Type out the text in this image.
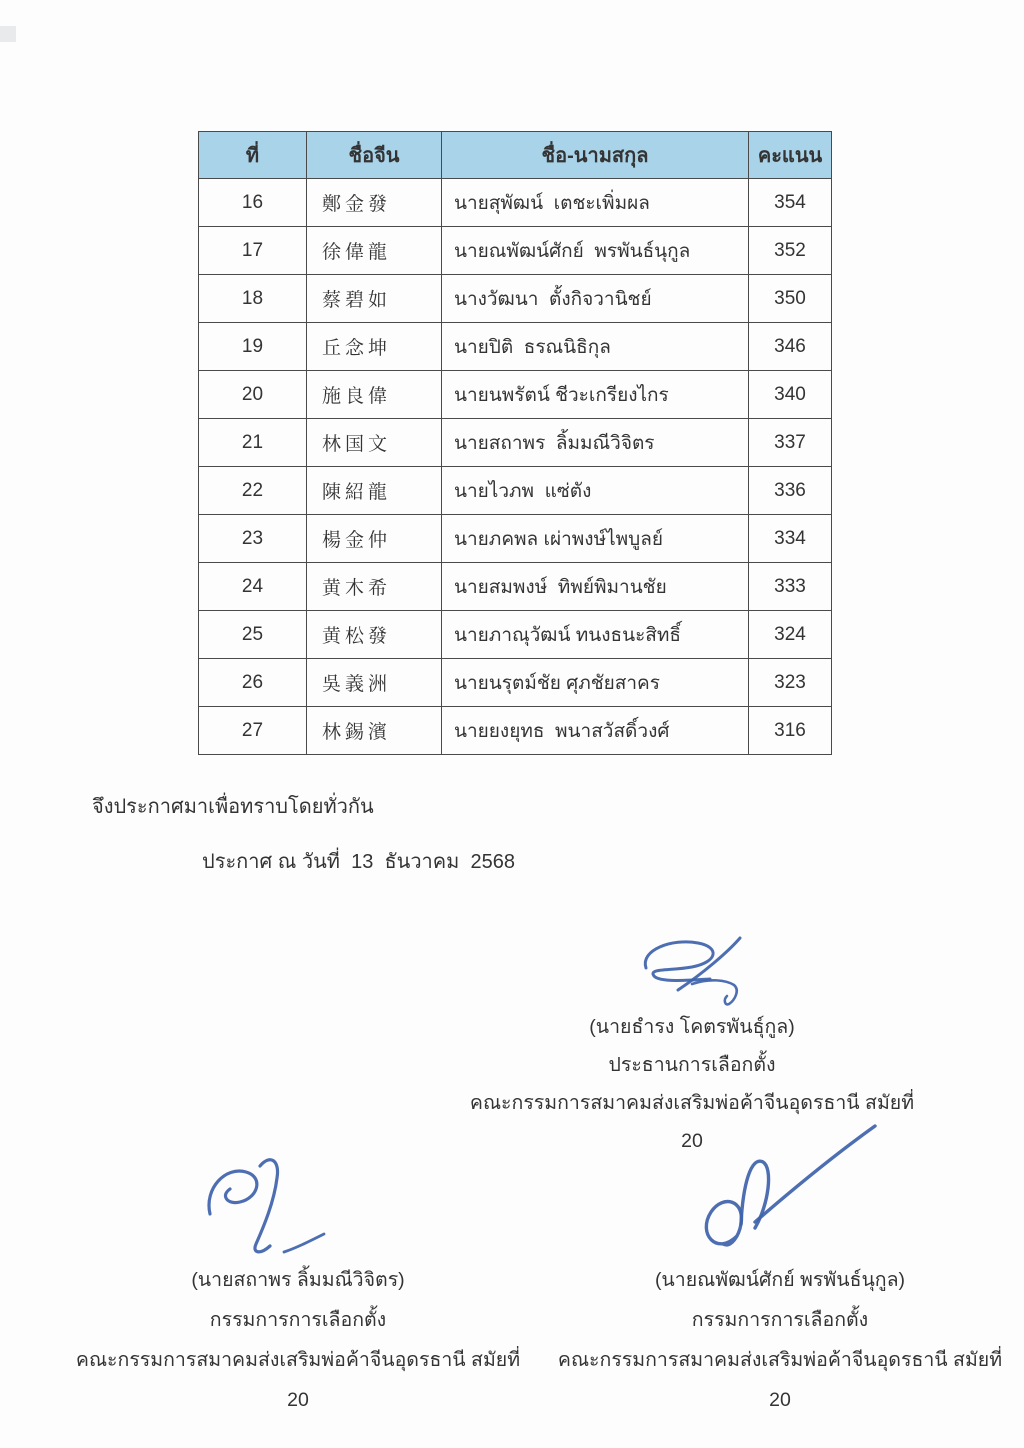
ที่	ชื่อจีน	ชื่อ-นามสกุล	คะแนน
16	鄭金發	นายสุพัฒน์  เตชะเพิ่มผล	354
17	徐偉龍	นายณพัฒน์ศักย์  พรพันธ์นุกูล	352
18	蔡碧如	นางวัฒนา  ตั้งกิจวานิชย์	350
19	丘念坤	นายปิติ  ธรณนิธิกุล	346
20	施良偉	นายนพรัตน์ ชีวะเกรียงไกร	340
21	林国文	นายสถาพร  ลิ้มมณีวิจิตร	337
22	陳紹龍	นายไวภพ  แซ่ตัง	336
23	楊金仲	นายภคพล เผ่าพงษ์ไพบูลย์	334
24	黄木希	นายสมพงษ์  ทิพย์พิมานชัย	333
25	黄松發	นายภาณุวัฒน์ ทนงธนะสิทธิ์	324
26	吳義洲	นายนรุตม์ชัย ศุภชัยสาคร	323
27	林錫濱	นายยงยุทธ  พนาสวัสดิ์วงศ์	316
จึงประกาศมาเพื่อทราบโดยทั่วกัน
ประกาศ ณ วันที่  13  ธันวาคม  2568
(นายธำรง โคตรพันธุ์กูล)
ประธานการเลือกตั้ง
คณะกรรมการสมาคมส่งเสริมพ่อค้าจีนอุดรธานี สมัยที่ 20
(นายสถาพร ลิ้มมณีวิจิตร)
กรรมการการเลือกตั้ง
คณะกรรมการสมาคมส่งเสริมพ่อค้าจีนอุดรธานี สมัยที่ 20
(นายณพัฒน์ศักย์ พรพันธ์นุกูล)
กรรมการการเลือกตั้ง
คณะกรรมการสมาคมส่งเสริมพ่อค้าจีนอุดรธานี สมัยที่ 20
